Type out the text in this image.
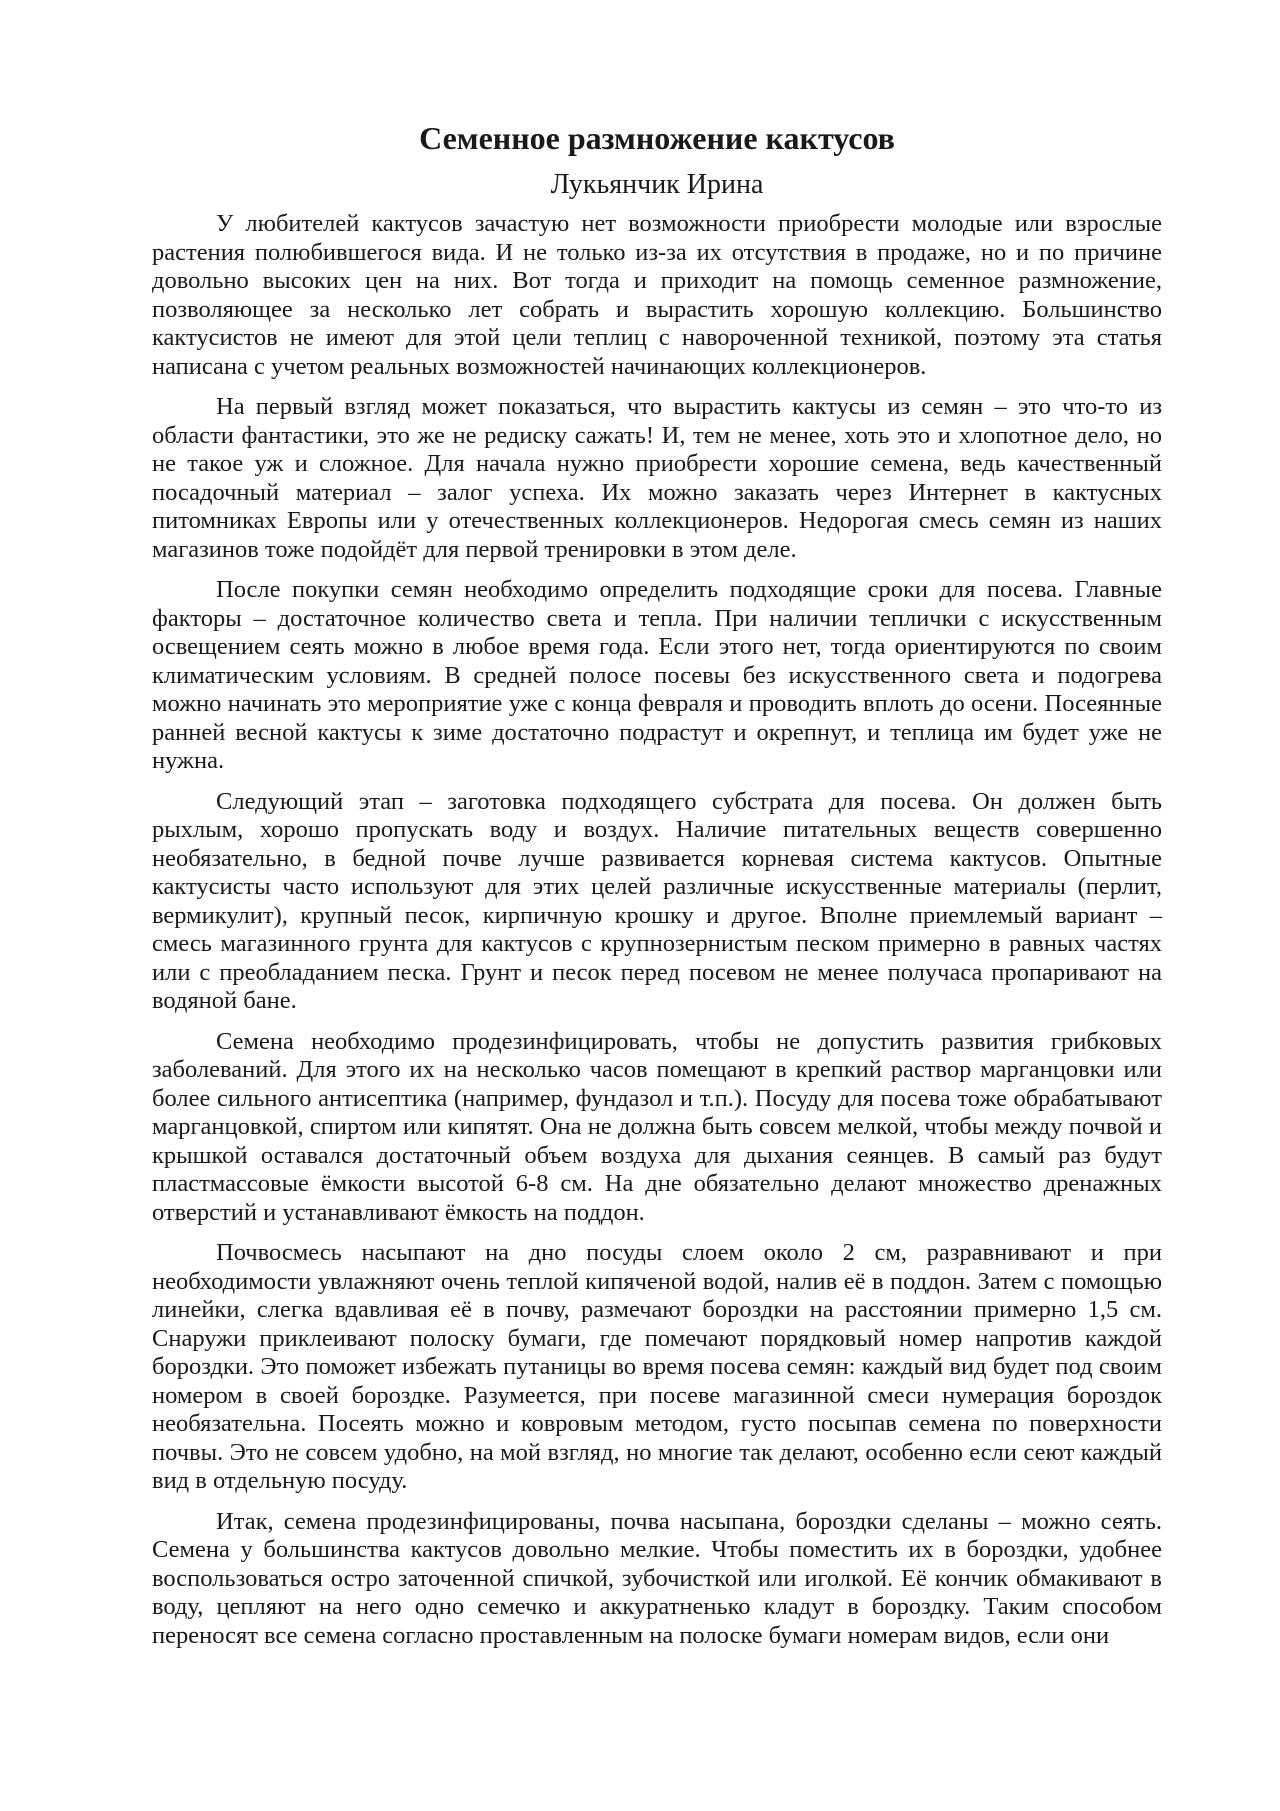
Семенное размножение кактусов
Лукьянчик Ирина

У любителей кактусов зачастую нет возможности приобрести молодые или взрослые растения полюбившегося вида. И не только из-за их отсутствия в продаже, но и по причине довольно высоких цен на них. Вот тогда и приходит на помощь семенное размножение, позволяющее за несколько лет собрать и вырастить хорошую коллекцию. Большинство кактусистов не имеют для этой цели теплиц с навороченной техникой, поэтому эта статья написана с учетом реальных возможностей начинающих коллекционеров.

На первый взгляд может показаться, что вырастить кактусы из семян – это что-то из области фантастики, это же не редиску сажать! И, тем не менее, хоть это и хлопотное дело, но не такое уж и сложное. Для начала нужно приобрести хорошие семена, ведь качественный посадочный материал – залог успеха. Их можно заказать через Интернет в кактусных питомниках Европы или у отечественных коллекционеров. Недорогая смесь семян из наших магазинов тоже подойдёт для первой тренировки в этом деле.

После покупки семян необходимо определить подходящие сроки для посева. Главные факторы – достаточное количество света и тепла. При наличии теплички с искусственным освещением сеять можно в любое время года. Если этого нет, тогда ориентируются по своим климатическим условиям. В средней полосе посевы без искусственного света и подогрева можно начинать это мероприятие уже с конца февраля и проводить вплоть до осени. Посеянные ранней весной кактусы к зиме достаточно подрастут и окрепнут, и теплица им будет уже не нужна.

Следующий этап – заготовка подходящего субстрата для посева. Он должен быть рыхлым, хорошо пропускать воду и воздух. Наличие питательных веществ совершенно необязательно, в бедной почве лучше развивается корневая система кактусов. Опытные кактусисты часто используют для этих целей различные искусственные материалы (перлит, вермикулит), крупный песок, кирпичную крошку и другое. Вполне приемлемый вариант – смесь магазинного грунта для кактусов с крупнозернистым песком примерно в равных частях или с преобладанием песка. Грунт и песок перед посевом не менее получаса пропаривают на водяной бане.

Семена необходимо продезинфицировать, чтобы не допустить развития грибковых заболеваний. Для этого их на несколько часов помещают в крепкий раствор марганцовки или более сильного антисептика (например, фундазол и т.п.). Посуду для посева тоже обрабатывают марганцовкой, спиртом или кипятят. Она не должна быть совсем мелкой, чтобы между почвой и крышкой оставался достаточный объем воздуха для дыхания сеянцев. В самый раз будут пластмассовые ёмкости высотой 6-8 см. На дне обязательно делают множество дренажных отверстий и устанавливают ёмкость на поддон.

Почвосмесь насыпают на дно посуды слоем около 2 см, разравнивают и при необходимости увлажняют очень теплой кипяченой водой, налив её в поддон. Затем с помощью линейки, слегка вдавливая её в почву, размечают бороздки на расстоянии примерно 1,5 см. Снаружи приклеивают полоску бумаги, где помечают порядковый номер напротив каждой бороздки. Это поможет избежать путаницы во время посева семян: каждый вид будет под своим номером в своей бороздке. Разумеется, при посеве магазинной смеси нумерация бороздок необязательна. Посеять можно и ковровым методом, густо посыпав семена по поверхности почвы. Это не совсем удобно, на мой взгляд, но многие так делают, особенно если сеют каждый вид в отдельную посуду.

Итак, семена продезинфицированы, почва насыпана, бороздки сделаны – можно сеять. Семена у большинства кактусов довольно мелкие. Чтобы поместить их в бороздки, удобнее воспользоваться остро заточенной спичкой, зубочисткой или иголкой. Её кончик обмакивают в воду, цепляют на него одно семечко и аккуратненько кладут в бороздку. Таким способом переносят все семена согласно проставленным на полоске бумаги номерам видов, если они
